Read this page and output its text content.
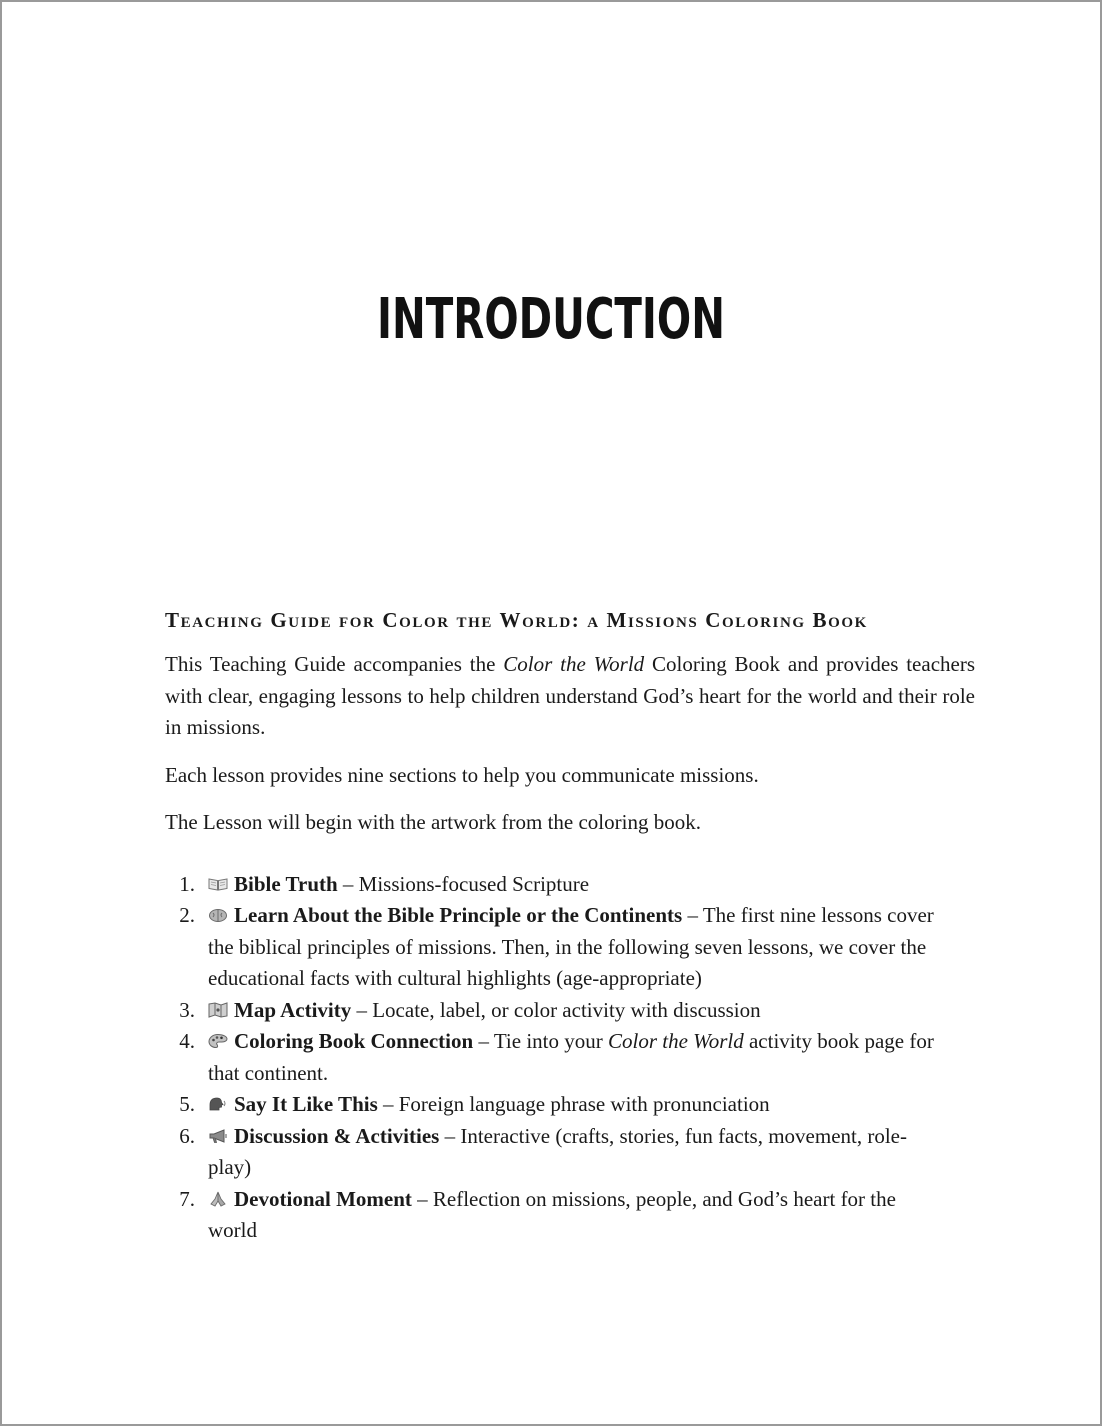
INTRODUCTION
Teaching Guide for Color the World: a Missions Coloring Book

This Teaching Guide accompanies the Color the World Coloring Book and provides teachers with clear, engaging lessons to help children understand God’s heart for the world and their role in missions.

Each lesson provides nine sections to help you communicate missions.

The Lesson will begin with the artwork from the coloring book.

1. Bible Truth – Missions-focused Scripture
2. Learn About the Bible Principle or the Continents – The first nine lessons cover the biblical principles of missions. Then, in the following seven lessons, we cover the educational facts with cultural highlights (age-appropriate)
3. Map Activity – Locate, label, or color activity with discussion
4. Coloring Book Connection – Tie into your Color the World activity book page for that continent.
5. Say It Like This – Foreign language phrase with pronunciation
6. Discussion & Activities – Interactive (crafts, stories, fun facts, movement, role-play)
7. Devotional Moment – Reflection on missions, people, and God’s heart for the world
